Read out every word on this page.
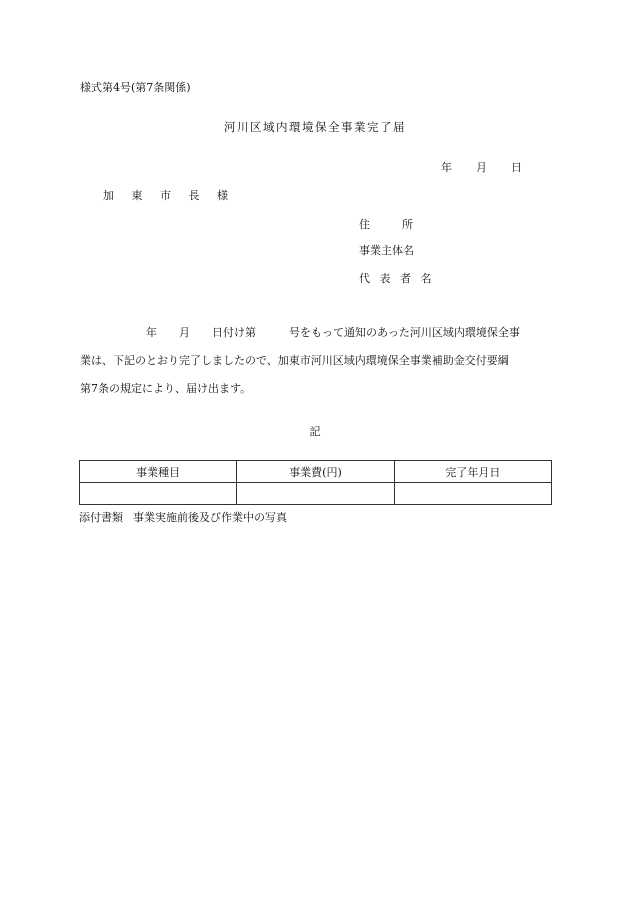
様式第4号(第7条関係)
河川区域内環境保全事業完了届
年 月 日
加 東 市 長 様
住	所
事業主体名
代 表 者 名
　　　　　　年　　月　　日付け第　　　号をもって通知のあった河川区域内環境保全事
業は、下記のとおり完了しましたので、加東市河川区域内環境保全事業補助金交付要綱
第7条の規定により、届け出ます。
記
事業種目	事業費(円)	完了年月日

添付書類 事業実施前後及び作業中の写真
